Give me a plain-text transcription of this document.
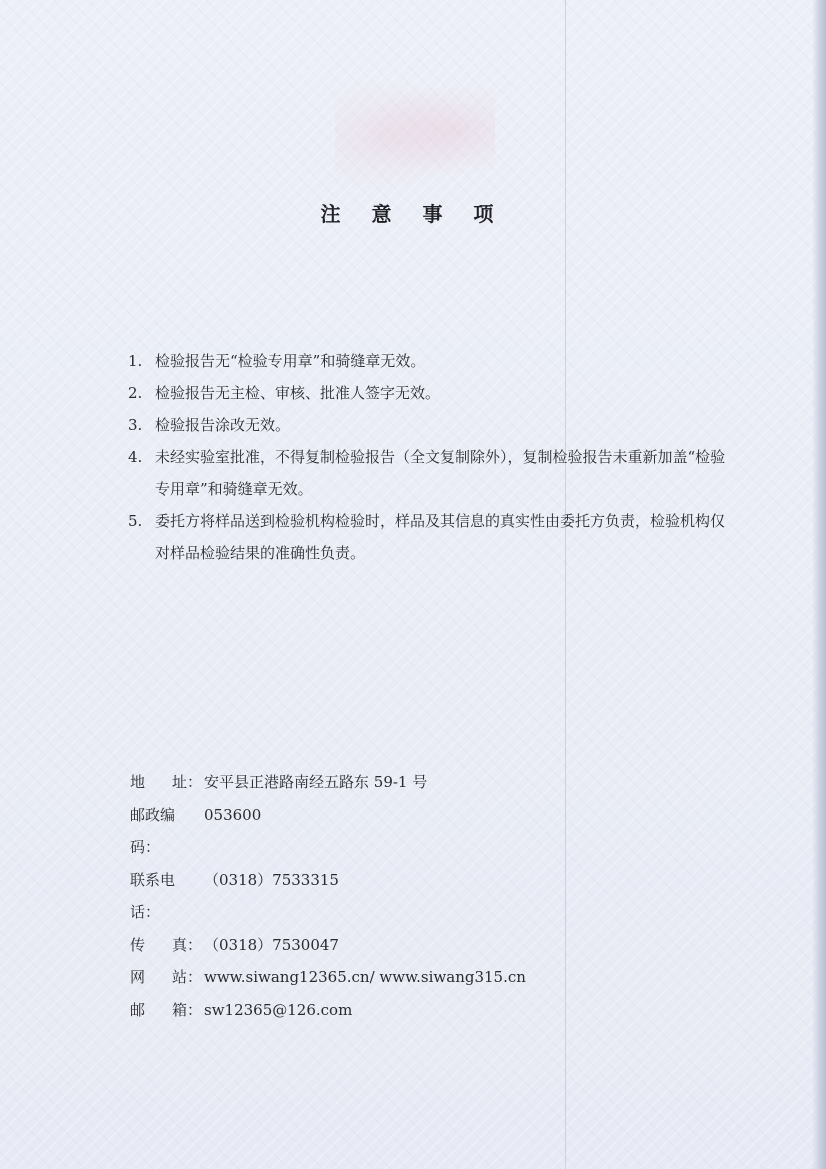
注 意 事 项
1. 检验报告无“检验专用章”和骑缝章无效。
2. 检验报告无主检、审核、批准人签字无效。
3. 检验报告涂改无效。
4. 未经实验室批准，不得复制检验报告（全文复制除外），复制检验报告未重新加盖“检验专用章”和骑缝章无效。
5. 委托方将样品送到检验机构检验时，样品及其信息的真实性由委托方负责，检验机构仅对样品检验结果的准确性负责。
地 址： 安平县正港路南经五路东 59-1 号
邮政编码：
053600
联系电话：
（0318）7533315
传 真： （0318）7530047
网 站： www.siwang12365.cn/ www.siwang315.cn
邮 箱： sw12365@126.com
